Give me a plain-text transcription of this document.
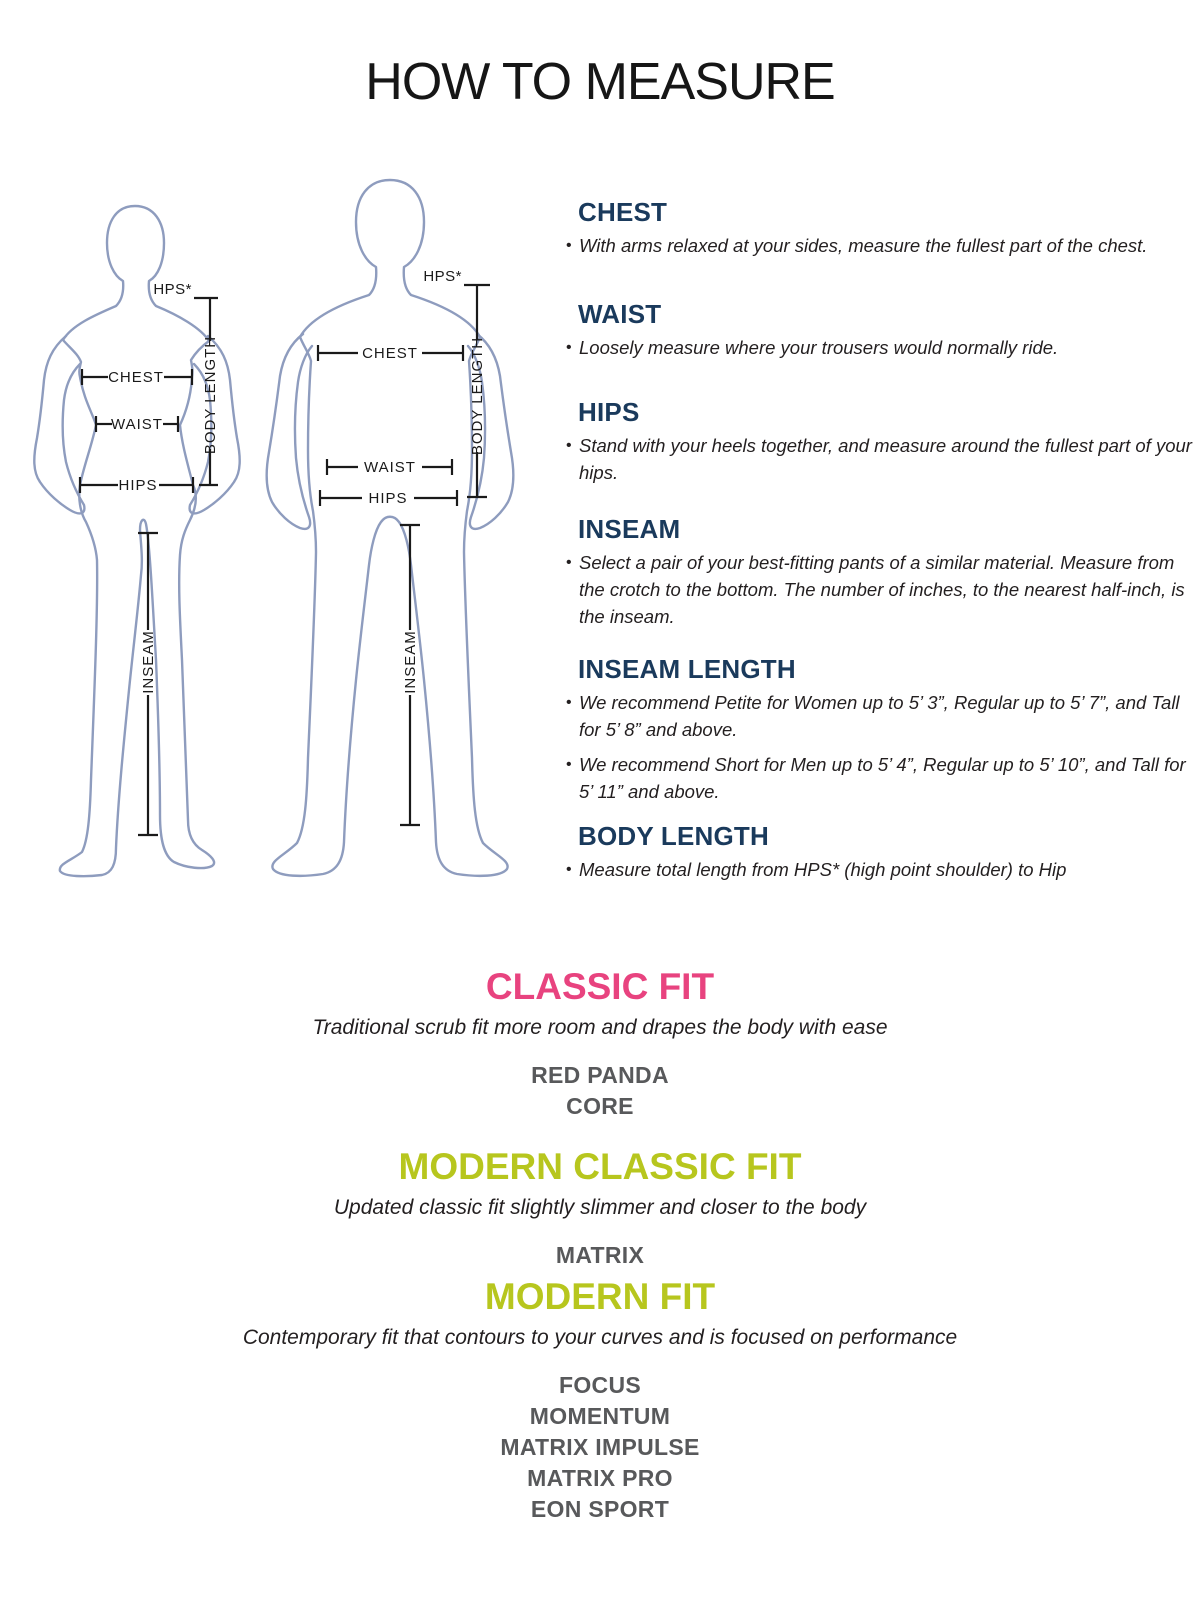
HOW TO MEASURE
HPS*
CHEST
WAIST
HIPS
INSEAM
BODY LENGTH
HPS*
CHEST
WAIST
HIPS
INSEAM
BODY LENGTH
CHEST
• With arms relaxed at your sides, measure the fullest part of the chest.

WAIST
• Loosely measure where your trousers would normally ride.

HIPS
• Stand with your heels together, and measure around the fullest part of your hips.

INSEAM
• Select a pair of your best-fitting pants of a similar material. Measure from the crotch to the bottom. The number of inches, to the nearest half-inch, is the inseam.

INSEAM LENGTH
• We recommend Petite for Women up to 5’ 3”, Regular up to 5’ 7”, and Tall for 5’ 8” and above.

• We recommend Short for Men up to 5’ 4”, Regular up to 5’ 10”, and Tall for 5’ 11” and above.

BODY LENGTH
• Measure total length from HPS* (high point shoulder) to Hip

CLASSIC FIT

Traditional scrub fit more room and drapes the body with ease

RED PANDA
CORE
MODERN CLASSIC FIT

Updated classic fit slightly slimmer and closer to the body

MATRIX
MODERN FIT

Contemporary fit that contours to your curves and is focused on performance

FOCUS
MOMENTUM
MATRIX IMPULSE
MATRIX PRO
EON SPORT
